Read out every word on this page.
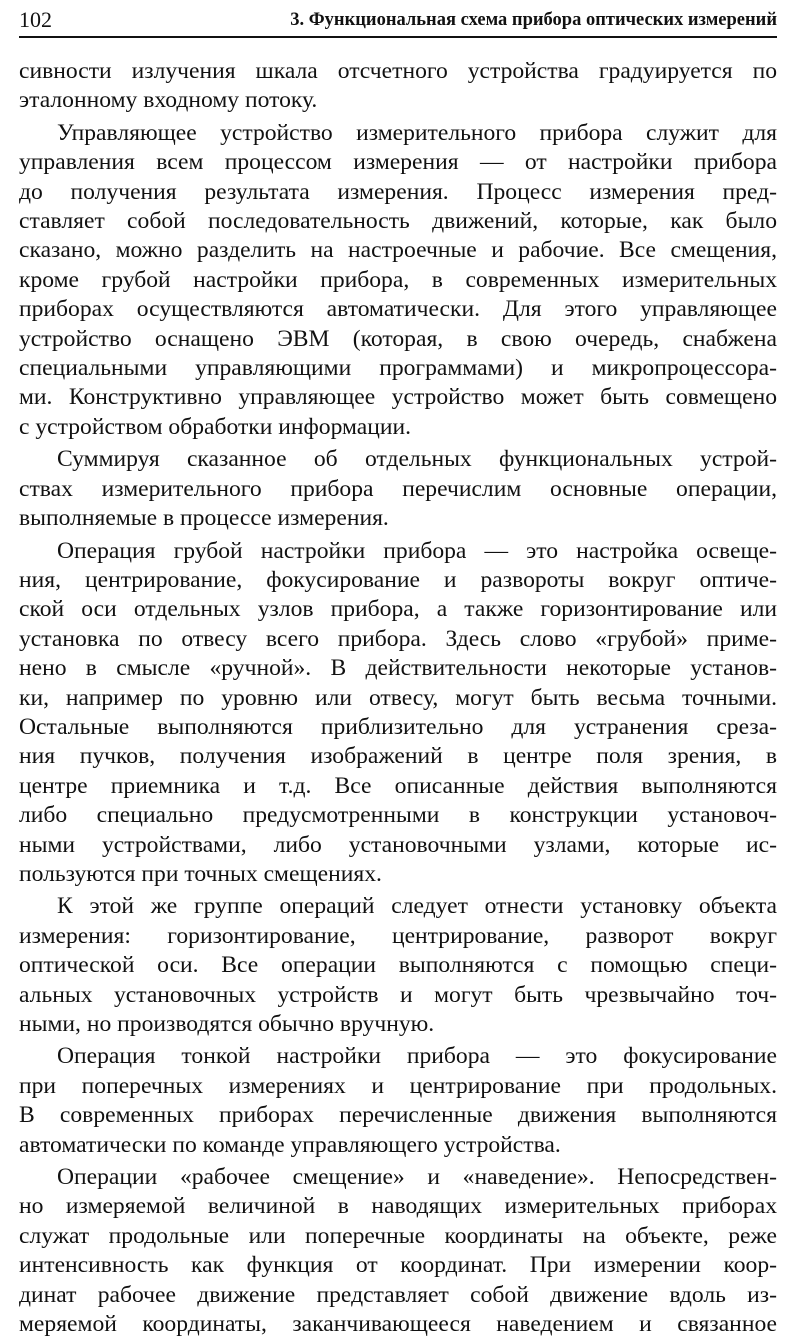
102	3. Функциональная схема прибора оптических измерений

сивности излучения шкала отсчетного устройства градуируется по
эталонному входному потоку.

Управляющее устройство измерительного прибора служит для
управления всем процессом измерения — от настройки прибора
до получения результата измерения. Процесс измерения пред-
ставляет собой последовательность движений, которые, как было
сказано, можно разделить на настроечные и рабочие. Все смещения,
кроме грубой настройки прибора, в современных измерительных
приборах осуществляются автоматически. Для этого управляющее
устройство оснащено ЭВМ (которая, в свою очередь, снабжена
специальными управляющими программами) и микропроцессора-
ми. Конструктивно управляющее устройство может быть совмещено
с устройством обработки информации.

Суммируя сказанное об отдельных функциональных устрой-
ствах измерительного прибора перечислим основные операции,
выполняемые в процессе измерения.

Операция грубой настройки прибора — это настройка освеще-
ния, центрирование, фокусирование и развороты вокруг оптиче-
ской оси отдельных узлов прибора, а также горизонтирование или
установка по отвесу всего прибора. Здесь слово «грубой» приме-
нено в смысле «ручной». В действительности некоторые установ-
ки, например по уровню или отвесу, могут быть весьма точными.
Остальные выполняются приблизительно для устранения среза-
ния пучков, получения изображений в центре поля зрения, в
центре приемника и т.д. Все описанные действия выполняются
либо специально предусмотренными в конструкции установоч-
ными устройствами, либо установочными узлами, которые ис-
пользуются при точных смещениях.

К этой же группе операций следует отнести установку объекта
измерения: горизонтирование, центрирование, разворот вокруг
оптической оси. Все операции выполняются с помощью специ-
альных установочных устройств и могут быть чрезвычайно точ-
ными, но производятся обычно вручную.

Операция тонкой настройки прибора — это фокусирование
при поперечных измерениях и центрирование при продольных.
В современных приборах перечисленные движения выполняются
автоматически по команде управляющего устройства.

Операции «рабочее смещение» и «наведение». Непосредствен-
но измеряемой величиной в наводящих измерительных приборах
служат продольные или поперечные координаты на объекте, реже
интенсивность как функция от координат. При измерении коор-
динат рабочее движение представляет собой движение вдоль из-
меряемой координаты, заканчивающееся наведением и связанное
